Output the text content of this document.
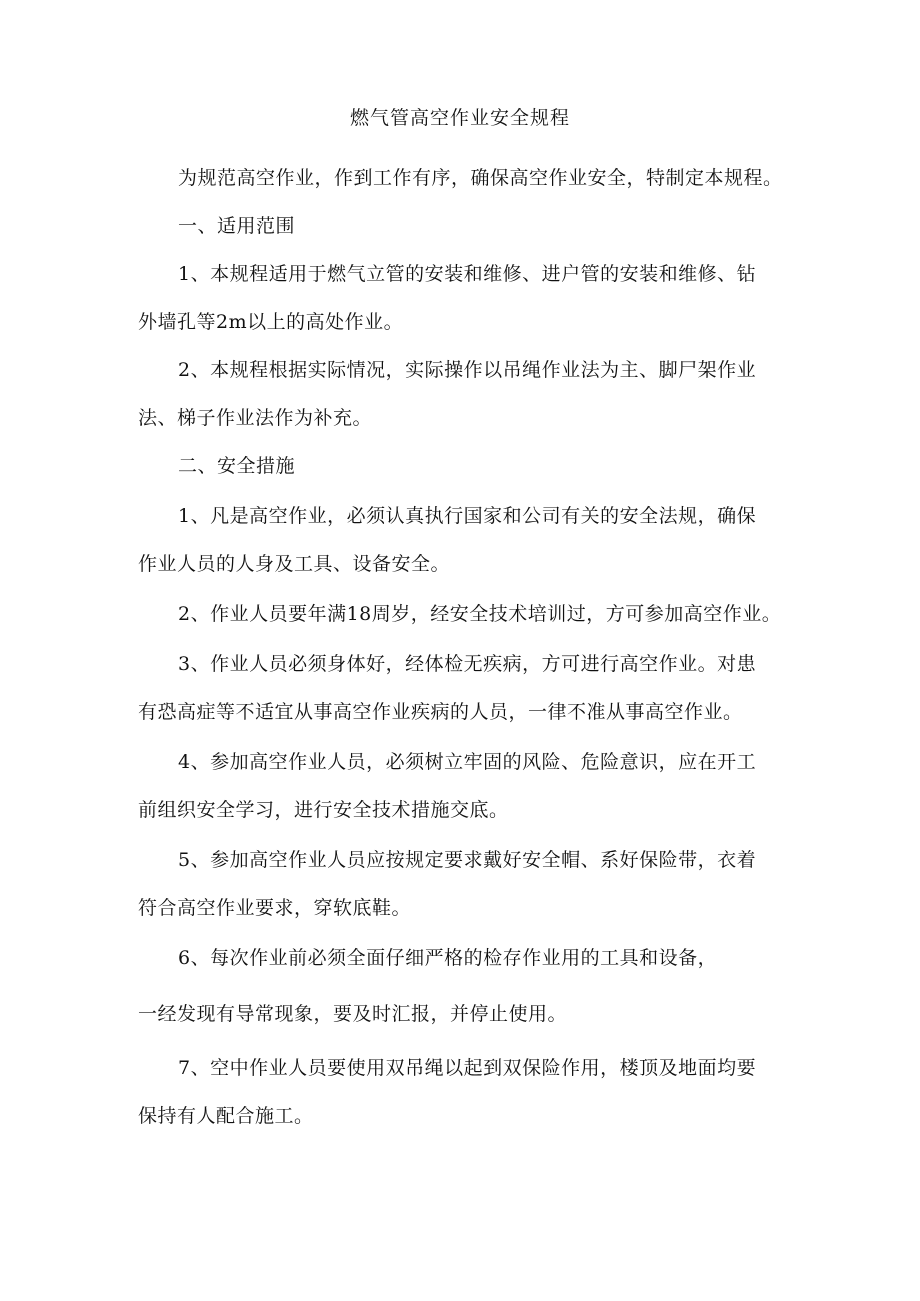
燃气管高空作业安全规程
为规范高空作业，作到工作有序，确保高空作业安全，特制定本规程。
一、适用范围
1、本规程适用于燃气立管的安装和维修、进户管的安装和维修、钻
外墙孔等2m以上的高处作业。
2、本规程根据实际情况，实际操作以吊绳作业法为主、脚尸架作业
法、梯子作业法作为补充。
二、安全措施
1、凡是高空作业，必须认真执行国家和公司有关的安全法规，确保
作业人员的人身及工具、设备安全。
2、作业人员要年满18周岁，经安全技术培训过，方可参加高空作业。
3、作业人员必须身体好，经体检无疾病，方可进行高空作业。对患
有恐高症等不适宜从事高空作业疾病的人员，一律不准从事高空作业。
4、参加高空作业人员，必须树立牢固的风险、危险意识，应在开工
前组织安全学习，进行安全技术措施交底。
5、参加高空作业人员应按规定要求戴好安全帽、系好保险带，衣着
符合高空作业要求，穿软底鞋。
6、每次作业前必须全面仔细严格的检存作业用的工具和设备，
一经发现有导常现象，要及时汇报，并停止使用。
7、空中作业人员要使用双吊绳以起到双保险作用，楼顶及地面均要
保持有人配合施工。
